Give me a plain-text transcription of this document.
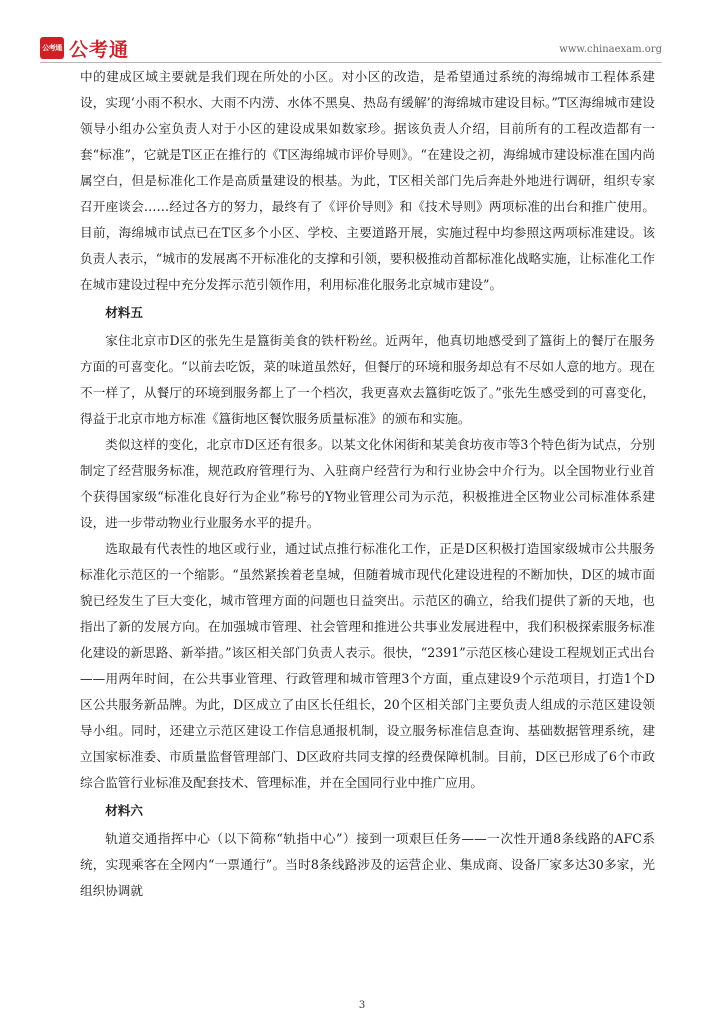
公考通 公考通	www.chinaexam.org

中的建成区域主要就是我们现在所处的小区。对小区的改造，是希望通过系统的海绵城市工程体系建设，实现‘小雨不积水、大雨不内涝、水体不黑臭、热岛有缓解’的海绵城市建设目标。”T区海绵城市建设领导小组办公室负责人对于小区的建设成果如数家珍。据该负责人介绍，目前所有的工程改造都有一套“标准”，它就是T区正在推行的《T区海绵城市评价导则》。“在建设之初，海绵城市建设标准在国内尚属空白，但是标准化工作是高质量建设的根基。为此，T区相关部门先后奔赴外地进行调研，组织专家召开座谈会……经过各方的努力，最终有了《评价导则》和《技术导则》两项标准的出台和推广使用。目前，海绵城市试点已在T区多个小区、学校、主要道路开展，实施过程中均参照这两项标准建设。该负责人表示，“城市的发展离不开标准化的支撑和引领，要积极推动首都标准化战略实施，让标准化工作在城市建设过程中充分发挥示范引领作用，利用标准化服务北京城市建设”。

材料五

家住北京市D区的张先生是簋街美食的铁杆粉丝。近两年，他真切地感受到了簋街上的餐厅在服务方面的可喜变化。“以前去吃饭，菜的味道虽然好，但餐厅的环境和服务却总有不尽如人意的地方。现在不一样了，从餐厅的环境到服务都上了一个档次，我更喜欢去簋街吃饭了。”张先生感受到的可喜变化，得益于北京市地方标准《簋街地区餐饮服务质量标准》的颁布和实施。

类似这样的变化，北京市D区还有很多。以某文化休闲街和某美食坊夜市等3个特色街为试点，分别制定了经营服务标准，规范政府管理行为、入驻商户经营行为和行业协会中介行为。以全国物业行业首个获得国家级“标准化良好行为企业”称号的Y物业管理公司为示范，积极推进全区物业公司标准体系建设，进一步带动物业行业服务水平的提升。

选取最有代表性的地区或行业，通过试点推行标准化工作，正是D区积极打造国家级城市公共服务标准化示范区的一个缩影。“虽然紧挨着老皇城，但随着城市现代化建设进程的不断加快，D区的城市面貌已经发生了巨大变化，城市管理方面的问题也日益突出。示范区的确立，给我们提供了新的天地，也指出了新的发展方向。在加强城市管理、社会管理和推进公共事业发展进程中，我们积极探索服务标准化建设的新思路、新举措。”该区相关部门负责人表示。很快，“2391”示范区核心建设工程规划正式出台——用两年时间，在公共事业管理、行政管理和城市管理3个方面，重点建设9个示范项目，打造1个D区公共服务新品牌。为此，D区成立了由区长任组长，20个区相关部门主要负责人组成的示范区建设领导小组。同时，还建立示范区建设工作信息通报机制，设立服务标准信息查询、基础数据管理系统，建立国家标准委、市质量监督管理部门、D区政府共同支撑的经费保障机制。目前，D区已形成了6个市政综合监管行业标准及配套技术、管理标准，并在全国同行业中推广应用。

材料六

轨道交通指挥中心（以下简称“轨指中心”）接到一项艰巨任务——一次性开通8条线路的AFC系统，实现乘客在全网内“一票通行”。当时8条线路涉及的运营企业、集成商、设备厂家多达30多家，光组织协调就

3
